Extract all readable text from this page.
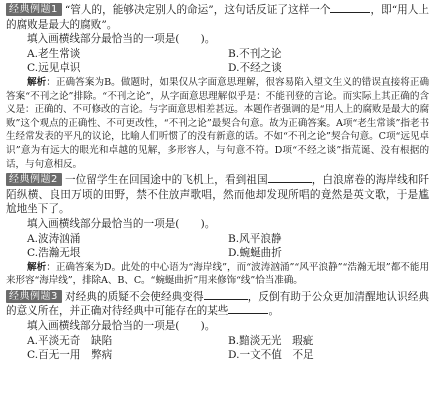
经典例题1 “管人的，能够决定别人的命运”，这句话反证了这样一个	，即“用人上的腐败是最大的腐败”。

填入画横线部分最恰当的一项是(　　)。

A.老生常谈	B.不刊之论
C.远见卓识	D.不经之谈

解析：正确答案为B。做题时，如果仅从字面意思理解，很容易陷入望文生义的错误直接将正确答案“不刊之论”排除。“不刊之论”，从字面意思理解似乎是：不能刊登的言论。而实际上其正确的含义是：正确的、不可修改的言论。与字面意思相差甚远。本题作者强调的是“用人上的腐败是最大的腐败”这个观点的正确性、不可更改性，“不刊之论”最契合句意。故为正确答案。A项“老生常谈”指老书生经常发表的平凡的议论，比喻人们听惯了的没有新意的话。不如“不刊之论”契合句意。C项“远见卓识”意为有远大的眼光和卓越的见解，多形容人，与句意不符。D项“不经之谈”指荒诞、没有根据的话，与句意相反。

经典例题2 一位留学生在回国途中的飞机上，看到祖国	，白浪席卷的海岸线和阡陌纵横、良田万顷的田野，禁不住放声歌唱，然而他却发现所唱的竟然是英文歌，于是尴尬地坐下了。

填入画横线部分最恰当的一项是(　　)。

A.波涛汹涌	B.风平浪静
C.浩瀚无垠	D.蜿蜒曲折

解析：正确答案为D。此处的中心语为“海岸线”，而“波涛汹涌”“风平浪静”“浩瀚无垠”都不能用来形容“海岸线”，排除A、B、C。“蜿蜒曲折”用来修饰“线”恰当准确。

经典例题3 对经典的质疑不会使经典变得	，反倒有助于公众更加清醒地认识经典的意义所在，并正确对待经典中可能存在的某些	。

填入画横线部分最恰当的一项是(　　)。

A.平淡无奇　缺陷	B.黯淡无光　瑕疵
C.百无一用　弊病	D.一文不值　不足
